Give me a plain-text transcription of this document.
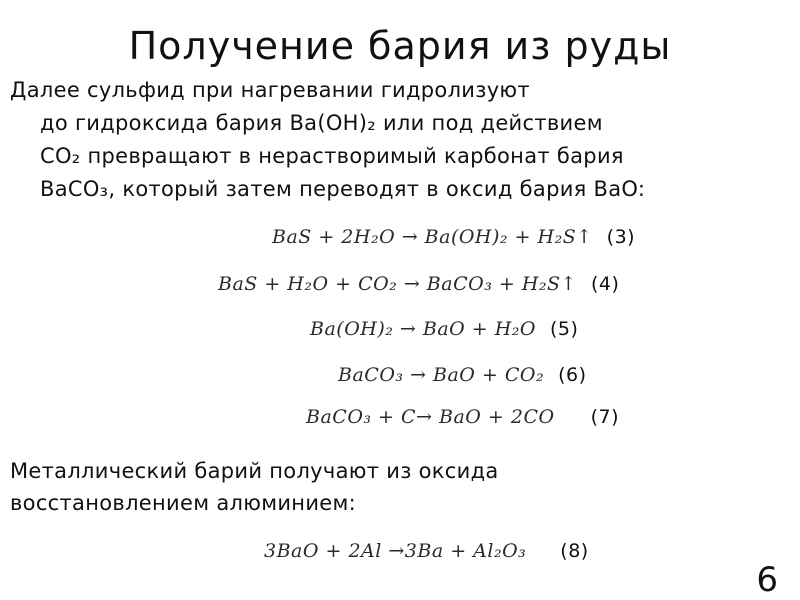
Получение бария из руды
Далее сульфид при нагревании гидролизуют
до гидроксида бария Ba(OH)₂ или под действием
CO₂ превращают в нерастворимый карбонат бария
BaCO₃, который затем переводят в оксид бария BaO:
BaS + 2H₂O → Ba(OH)₂ + H₂S↑ (3)
BaS + H₂O + CO₂ → BaCO₃ + H₂S↑ (4)
Ba(OH)₂ → BaO + H₂O (5)
BaCO₃ → BaO + CO₂ (6)
BaCO₃ + C→ BaO + 2CO (7)
Металлический барий получают из оксида
восстановлением алюминием:
3BaO + 2Al →3Ba + Al₂O₃ (8)
6
